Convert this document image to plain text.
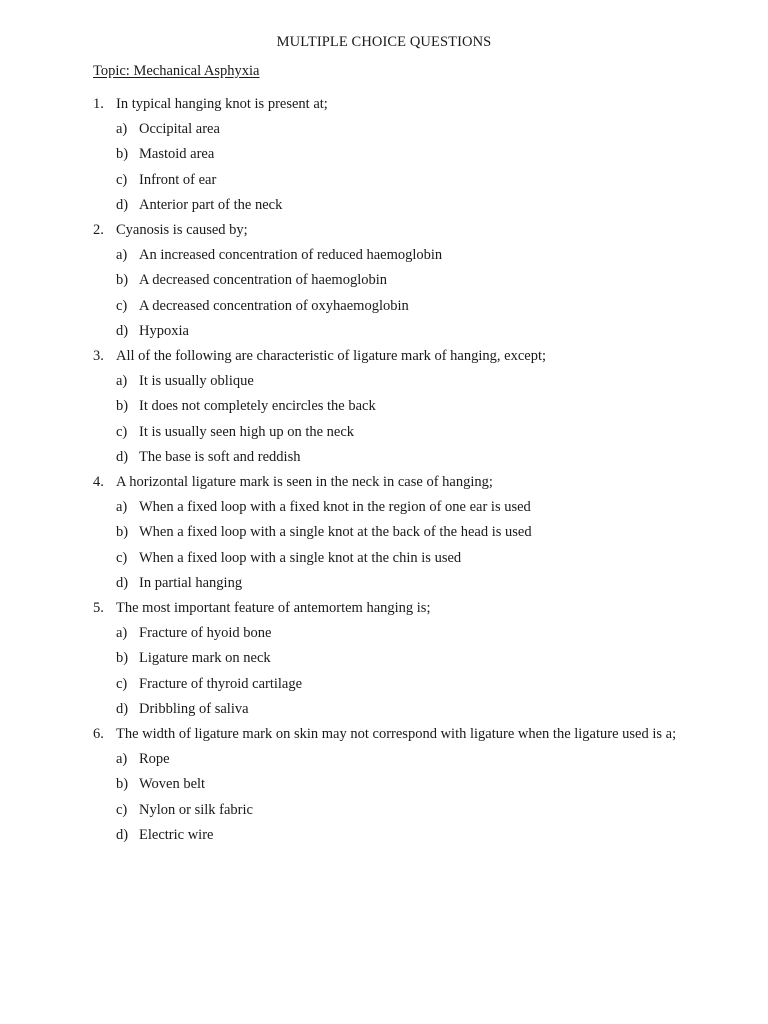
MULTIPLE CHOICE QUESTIONS
Topic: Mechanical Asphyxia
1. In typical hanging knot is present at;
a) Occipital area
b) Mastoid area
c) Infront of ear
d) Anterior part of the neck
2. Cyanosis is caused by;
a) An increased concentration of reduced haemoglobin
b) A decreased concentration of haemoglobin
c) A decreased concentration of oxyhaemoglobin
d) Hypoxia
3. All of the following are characteristic of ligature mark of hanging, except;
a) It is usually oblique
b) It does not completely encircles the back
c) It is usually seen high up on the neck
d) The base is soft and reddish
4. A horizontal ligature mark is seen in the neck in case of hanging;
a) When a fixed loop with a fixed knot in the region of one ear is used
b) When a fixed loop with a single knot at the back of the head is used
c) When a fixed loop with a single knot at the chin is used
d) In partial hanging
5. The most important feature of antemortem hanging is;
a) Fracture of hyoid bone
b) Ligature mark on neck
c) Fracture of thyroid cartilage
d) Dribbling of saliva
6. The width of ligature mark on skin may not correspond with ligature when the ligature used is a;
a) Rope
b) Woven belt
c) Nylon or silk fabric
d) Electric wire
